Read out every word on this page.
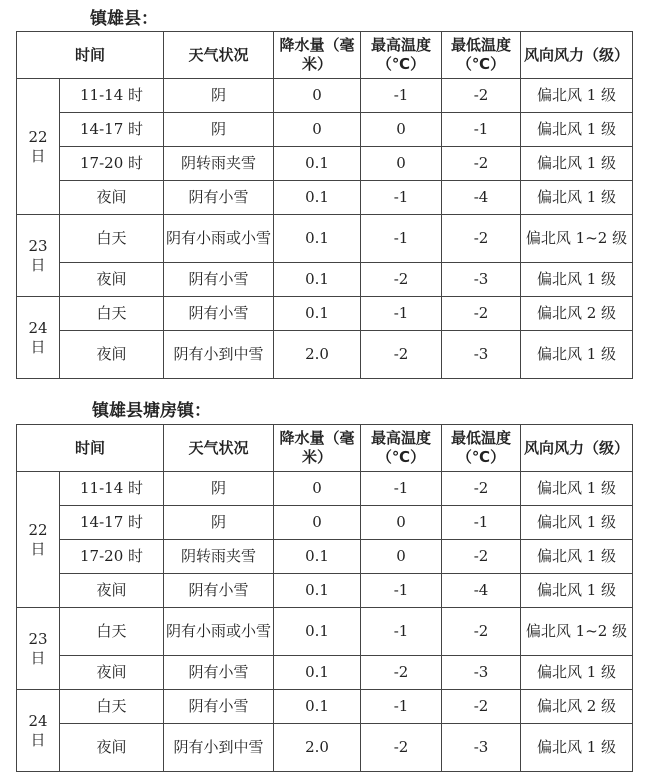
镇雄县：
时间		天气状况	降水量（毫米）	最高温度（℃）	最低温度（℃）	风向风力（级）
22日	11-14 时	阴	0	-1	-2	偏北风 1 级
	14-17 时	阴	0	0	-1	偏北风 1 级
	17-20 时	阴转雨夹雪	0.1	0	-2	偏北风 1 级
	夜间	阴有小雪	0.1	-1	-4	偏北风 1 级
23日	白天	阴有小雨或小雪	0.1	-1	-2	偏北风 1~2 级
	夜间	阴有小雪	0.1	-2	-3	偏北风 1 级
24日	白天	阴有小雪	0.1	-1	-2	偏北风 2 级
	夜间	阴有小到中雪	2.0	-2	-3	偏北风 1 级
镇雄县塘房镇：
时间		天气状况	降水量（毫米）	最高温度（℃）	最低温度（℃）	风向风力（级）
22日	11-14 时	阴	0	-1	-2	偏北风 1 级
	14-17 时	阴	0	0	-1	偏北风 1 级
	17-20 时	阴转雨夹雪	0.1	0	-2	偏北风 1 级
	夜间	阴有小雪	0.1	-1	-4	偏北风 1 级
23日	白天	阴有小雨或小雪	0.1	-1	-2	偏北风 1~2 级
	夜间	阴有小雪	0.1	-2	-3	偏北风 1 级
24日	白天	阴有小雪	0.1	-1	-2	偏北风 2 级
	夜间	阴有小到中雪	2.0	-2	-3	偏北风 1 级
